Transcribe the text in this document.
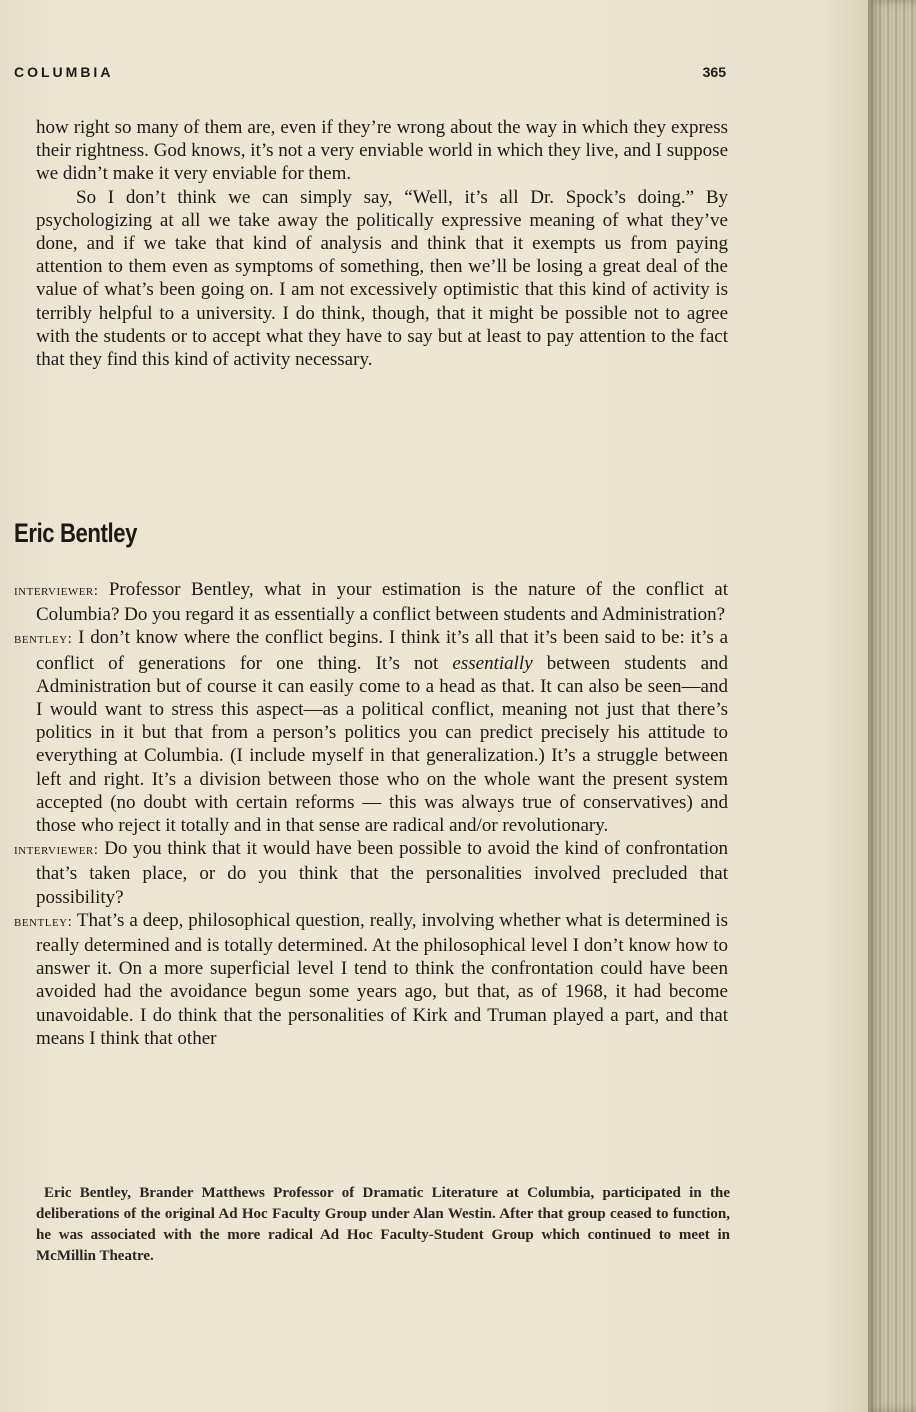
COLUMBIA	365

how right so many of them are, even if they’re wrong about the way in which they express their rightness. God knows, it’s not a very enviable world in which they live, and I suppose we didn’t make it very enviable for them.

So I don’t think we can simply say, “Well, it’s all Dr. Spock’s doing.” By psychologizing at all we take away the politically expressive meaning of what they’ve done, and if we take that kind of analysis and think that it exempts us from paying attention to them even as symptoms of something, then we’ll be losing a great deal of the value of what’s been going on. I am not excessively optimistic that this kind of activity is terribly helpful to a university. I do think, though, that it might be possible not to agree with the students or to accept what they have to say but at least to pay attention to the fact that they find this kind of activity necessary.

Eric Bentley

interviewer: Professor Bentley, what in your estimation is the nature of the conflict at Columbia? Do you regard it as essentially a conflict between students and Administration?

bentley: I don’t know where the conflict begins. I think it’s all that it’s been said to be: it’s a conflict of generations for one thing. It’s not essentially between students and Administration but of course it can easily come to a head as that. It can also be seen—and I would want to stress this aspect—as a political conflict, meaning not just that there’s politics in it but that from a person’s politics you can predict precisely his attitude to everything at Columbia. (I include myself in that generalization.) It’s a struggle between left and right. It’s a division between those who on the whole want the present system accepted (no doubt with certain reforms — this was always true of conservatives) and those who reject it totally and in that sense are radical and/or revolutionary.

interviewer: Do you think that it would have been possible to avoid the kind of confrontation that’s taken place, or do you think that the personalities involved precluded that possibility?

bentley: That’s a deep, philosophical question, really, involving whether what is determined is really determined and is totally determined. At the philosophical level I don’t know how to answer it. On a more superficial level I tend to think the confrontation could have been avoided had the avoidance begun some years ago, but that, as of 1968, it had become unavoidable. I do think that the personalities of Kirk and Truman played a part, and that means I think that other

Eric Bentley, Brander Matthews Professor of Dramatic Literature at Columbia, participated in the deliberations of the original Ad Hoc Faculty Group under Alan Westin. After that group ceased to function, he was associated with the more radical Ad Hoc Faculty-Student Group which continued to meet in McMillin Theatre.
